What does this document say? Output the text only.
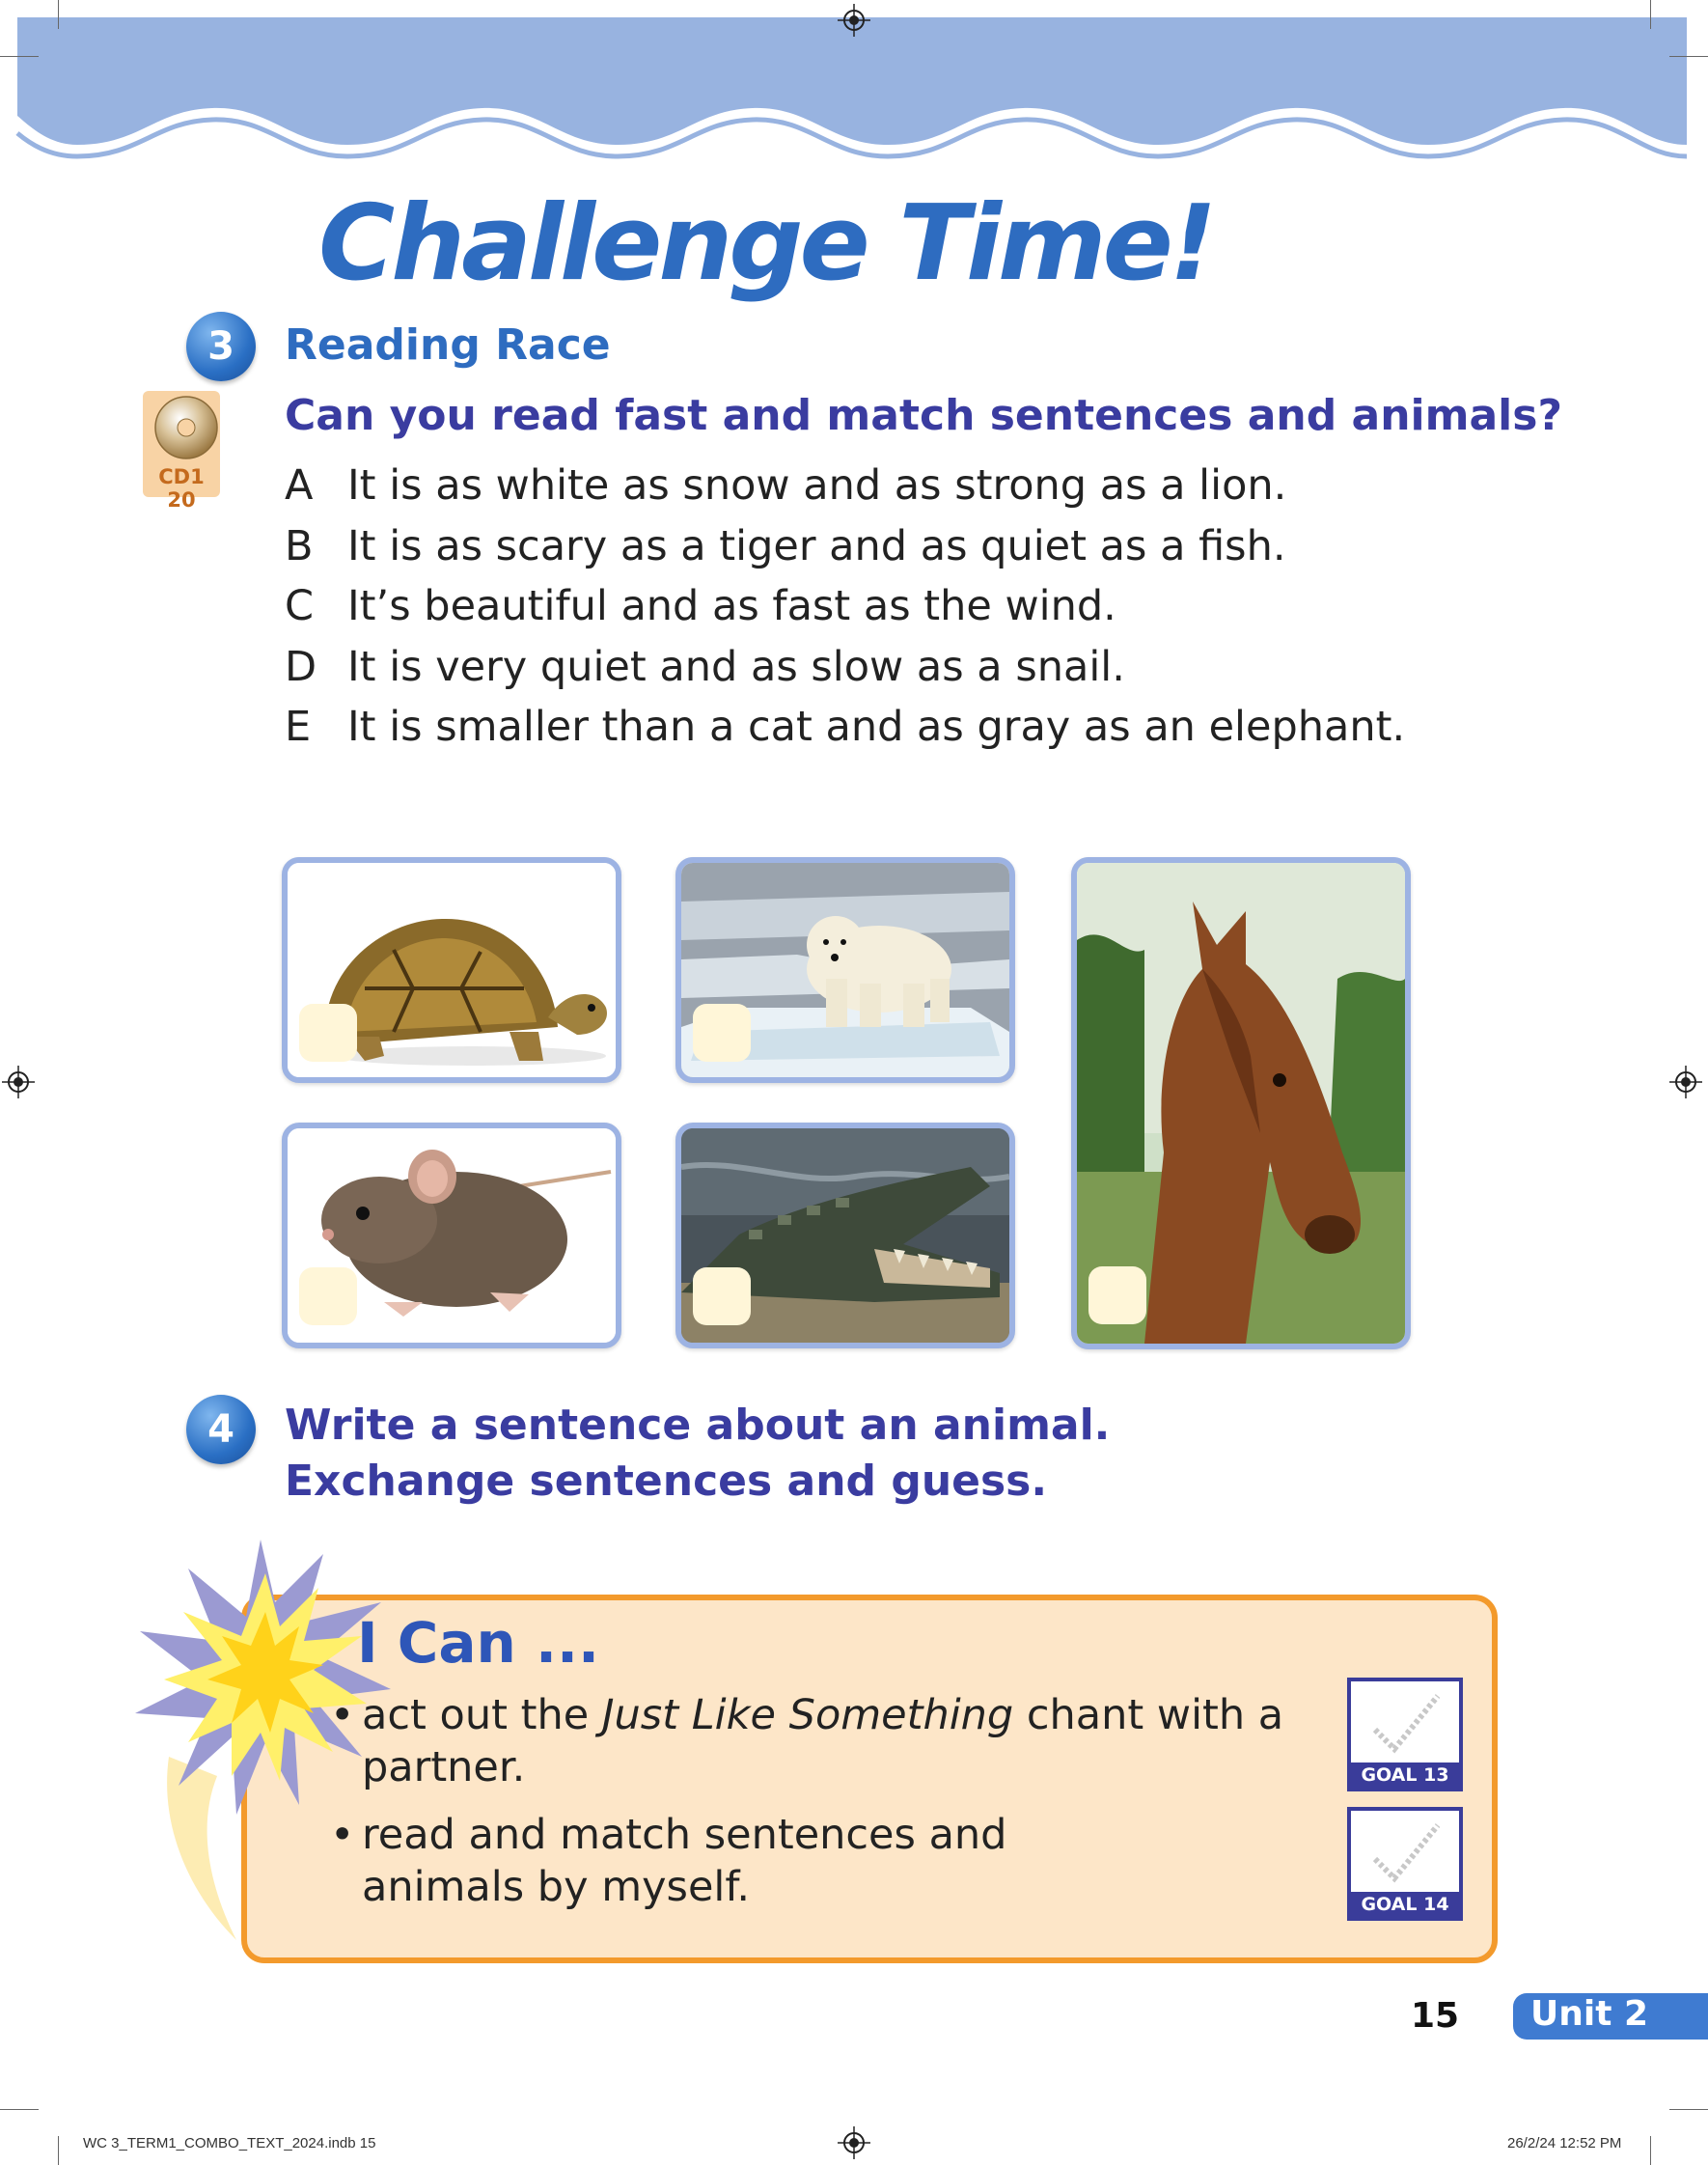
Challenge Time!
3	Reading Race
CD1 20
Can you read fast and match sentences and animals?
A It is as white as snow and as strong as a lion.
B It is as scary as a tiger and as quiet as a fish.
C It’s beautiful and as fast as the wind.
D It is very quiet and as slow as a snail.
E It is smaller than a cat and as gray as an elephant.
4	Write a sentence about an animal. Exchange sentences and guess.
I Can ...
• act out the Just Like Something chant with a partner.
• read and match sentences and animals by myself.
GOAL 13
GOAL 14
15 Unit 2
WC 3_TERM1_COMBO_TEXT_2024.indb 15	26/2/24 12:52 PM
